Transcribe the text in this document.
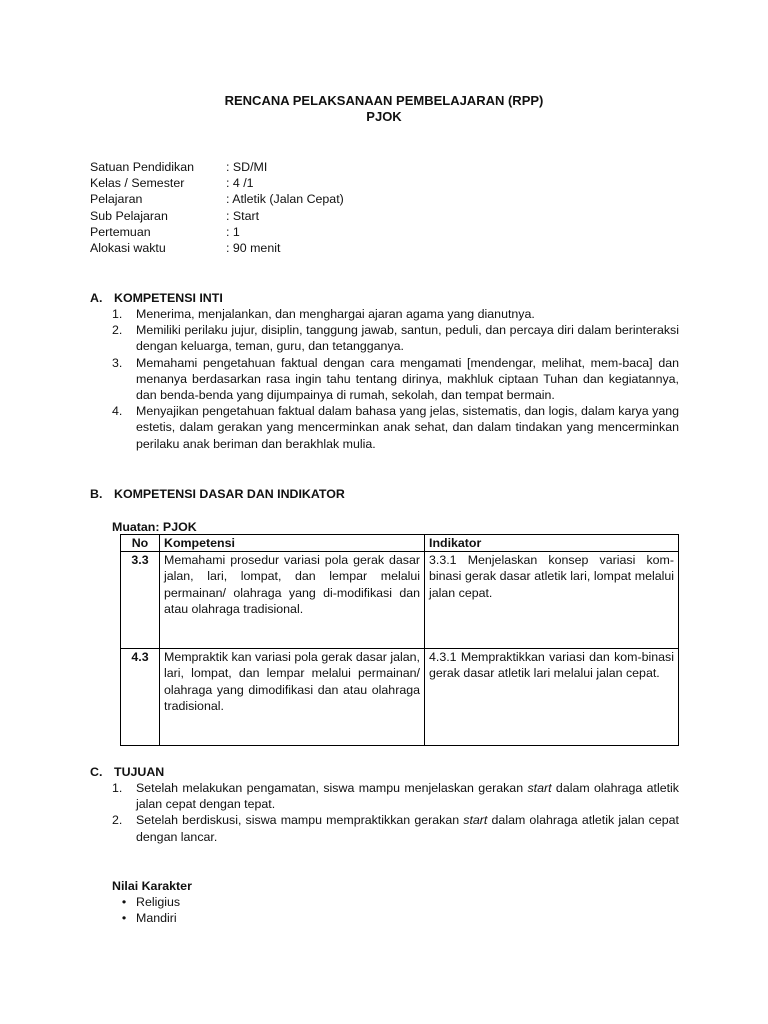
RENCANA PELAKSANAAN PEMBELAJARAN (RPP)
PJOK
Satuan Pendidikan	: SD/MI
Kelas / Semester	: 4 /1
Pelajaran	: Atletik (Jalan Cepat)
Sub Pelajaran	: Start
Pertemuan	: 1
Alokasi waktu	: 90 menit
A. KOMPETENSI INTI
1.	Menerima, menjalankan, dan menghargai ajaran agama yang dianutnya.
2.	Memiliki perilaku jujur, disiplin, tanggung jawab, santun, peduli, dan percaya diri dalam berinteraksi dengan keluarga, teman, guru, dan tetangganya.
3.	Memahami pengetahuan faktual dengan cara mengamati [mendengar, melihat, mem-baca] dan menanya berdasarkan rasa ingin tahu tentang dirinya, makhluk ciptaan Tuhan dan kegiatannya, dan benda-benda yang dijumpainya di rumah, sekolah, dan tempat bermain.
4.	Menyajikan pengetahuan faktual dalam bahasa yang jelas, sistematis, dan logis, dalam karya yang estetis, dalam gerakan yang mencerminkan anak sehat, dan dalam tindakan yang mencerminkan perilaku anak beriman dan berakhlak mulia.
B. KOMPETENSI DASAR DAN INDIKATOR
Muatan: PJOK
No	Kompetensi	Indikator
3.3	Memahami prosedur variasi pola gerak dasar jalan, lari, lompat, dan lempar melalui permainan/ olahraga yang di-modifikasi dan atau olahraga tradisional.	3.3.1 Menjelaskan konsep variasi kom-binasi gerak dasar atletik lari, lompat melalui jalan cepat.
4.3	Mempraktik kan variasi pola gerak dasar jalan, lari, lompat, dan lempar melalui permainan/ olahraga yang dimodifikasi dan atau olahraga tradisional.	4.3.1 Mempraktikkan variasi dan kom-binasi gerak dasar atletik lari melalui jalan cepat.
C. TUJUAN
1.	Setelah melakukan pengamatan, siswa mampu menjelaskan gerakan start dalam olahraga atletik jalan cepat dengan tepat.
2.	Setelah berdiskusi, siswa mampu mempraktikkan gerakan start dalam olahraga atletik jalan cepat dengan lancar.
Nilai Karakter
• Religius
• Mandiri
